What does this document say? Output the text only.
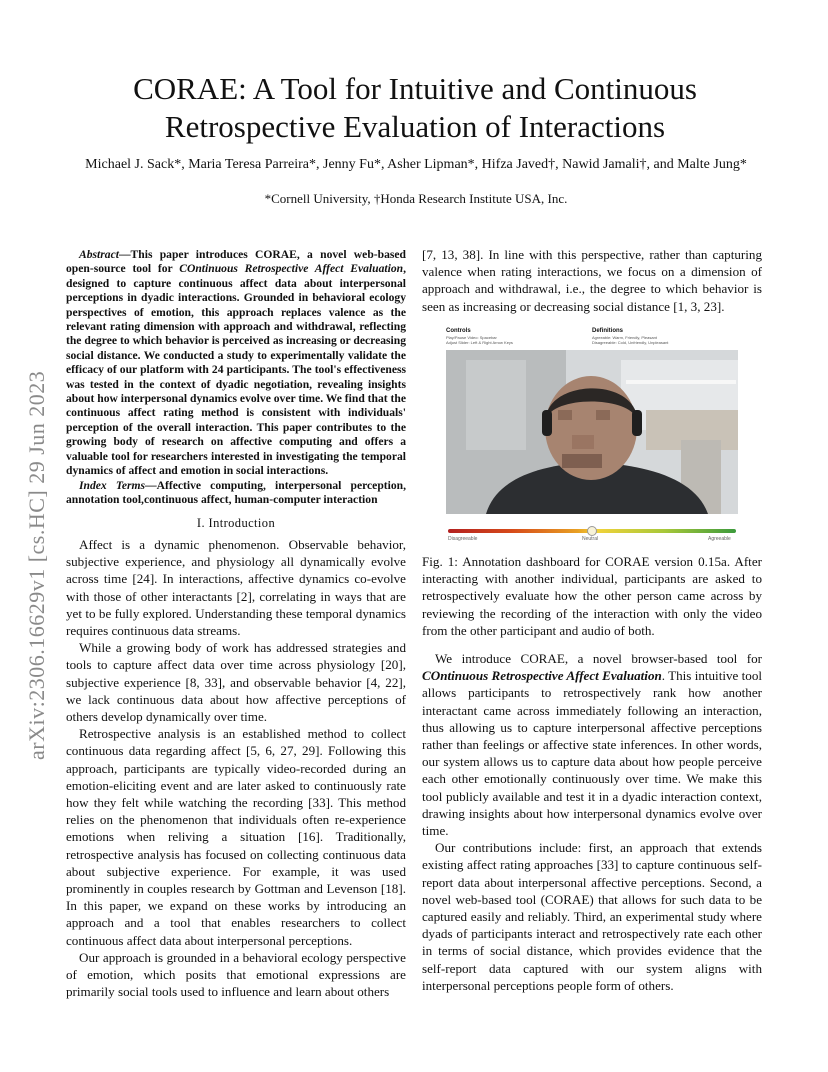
arXiv:2306.16629v1 [cs.HC] 29 Jun 2023
CORAE: A Tool for Intuitive and Continuous
Retrospective Evaluation of Interactions
Michael J. Sack*, Maria Teresa Parreira*, Jenny Fu*, Asher Lipman*, Hifza Javed†, Nawid Jamali†, and Malte Jung*
*Cornell University, †Honda Research Institute USA, Inc.

Abstract—This paper introduces CORAE, a novel web-based open-source tool for COntinuous Retrospective Affect Evaluation, designed to capture continuous affect data about interpersonal perceptions in dyadic interactions. Grounded in behavioral ecology perspectives of emotion, this approach replaces valence as the relevant rating dimension with approach and withdrawal, reflecting the degree to which behavior is perceived as increasing or decreasing social distance. We conducted a study to experimentally validate the efficacy of our platform with 24 participants. The tool's effectiveness was tested in the context of dyadic negotiation, revealing insights about how interpersonal dynamics evolve over time. We find that the continuous affect rating method is consistent with individuals' perception of the overall interaction. This paper contributes to the growing body of research on affective computing and offers a valuable tool for researchers interested in investigating the temporal dynamics of affect and emotion in social interactions.

Index Terms—Affective computing, interpersonal perception, annotation tool,continuous affect, human-computer interaction

I. Introduction

Affect is a dynamic phenomenon. Observable behavior, subjective experience, and physiology all dynamically evolve across time [24]. In interactions, affective dynamics co-evolve with those of other interactants [2], correlating in ways that are yet to be fully explored. Understanding these temporal dynamics requires continuous data streams.

While a growing body of work has addressed strategies and tools to capture affect data over time across physiology [20], subjective experience [8, 33], and observable behavior [4, 22], we lack continuous data about how affective perceptions of others develop dynamically over time.

Retrospective analysis is an established method to collect continuous data regarding affect [5, 6, 27, 29]. Following this approach, participants are typically video-recorded during an emotion-eliciting event and are later asked to continuously rate how they felt while watching the recording [33]. This method relies on the phenomenon that individuals often re-experience emotions when reliving a situation [16]. Traditionally, retrospective analysis has focused on collecting continuous data about subjective experience. For example, it was used prominently in couples research by Gottman and Levenson [18]. In this paper, we expand on these works by introducing an approach and a tool that enables researchers to collect continuous affect data about interpersonal perceptions.

Our approach is grounded in a behavioral ecology perspective of emotion, which posits that emotional expressions are primarily social tools used to influence and learn about others

[7, 13, 38]. In line with this perspective, rather than capturing valence when rating interactions, we focus on a dimension of approach and withdrawal, i.e., the degree to which behavior is seen as increasing or decreasing social distance [1, 3, 23].

Controls
Play/Pause Video: Spacebar
Adjust Slider: Left & Right Arrow Keys
Definitions
Agreeable: Warm, Friendly, Pleasant
Disagreeable: Cold, Unfriendly, Unpleasant
Disagreeable	Neutral	Agreeable

Fig. 1: Annotation dashboard for CORAE version 0.15a. After interacting with another individual, participants are asked to retrospectively evaluate how the other person came across by reviewing the recording of the interaction with only the video from the other participant and audio of both.

We introduce CORAE, a novel browser-based tool for COntinuous Retrospective Affect Evaluation. This intuitive tool allows participants to retrospectively rank how another interactant came across immediately following an interaction, thus allowing us to capture interpersonal affective perceptions rather than feelings or affective state inferences. In other words, our system allows us to capture data about how people perceive each other emotionally continuously over time. We make this tool publicly available and test it in a dyadic interaction context, drawing insights about how interpersonal dynamics evolve over time.

Our contributions include: first, an approach that extends existing affect rating approaches [33] to capture continuous self-report data about interpersonal affective perceptions. Second, a novel web-based tool (CORAE) that allows for such data to be captured easily and reliably. Third, an experimental study where dyads of participants interact and retrospectively rate each other in terms of social distance, which provides evidence that the self-report data captured with our system aligns with interpersonal perceptions people form of others.
